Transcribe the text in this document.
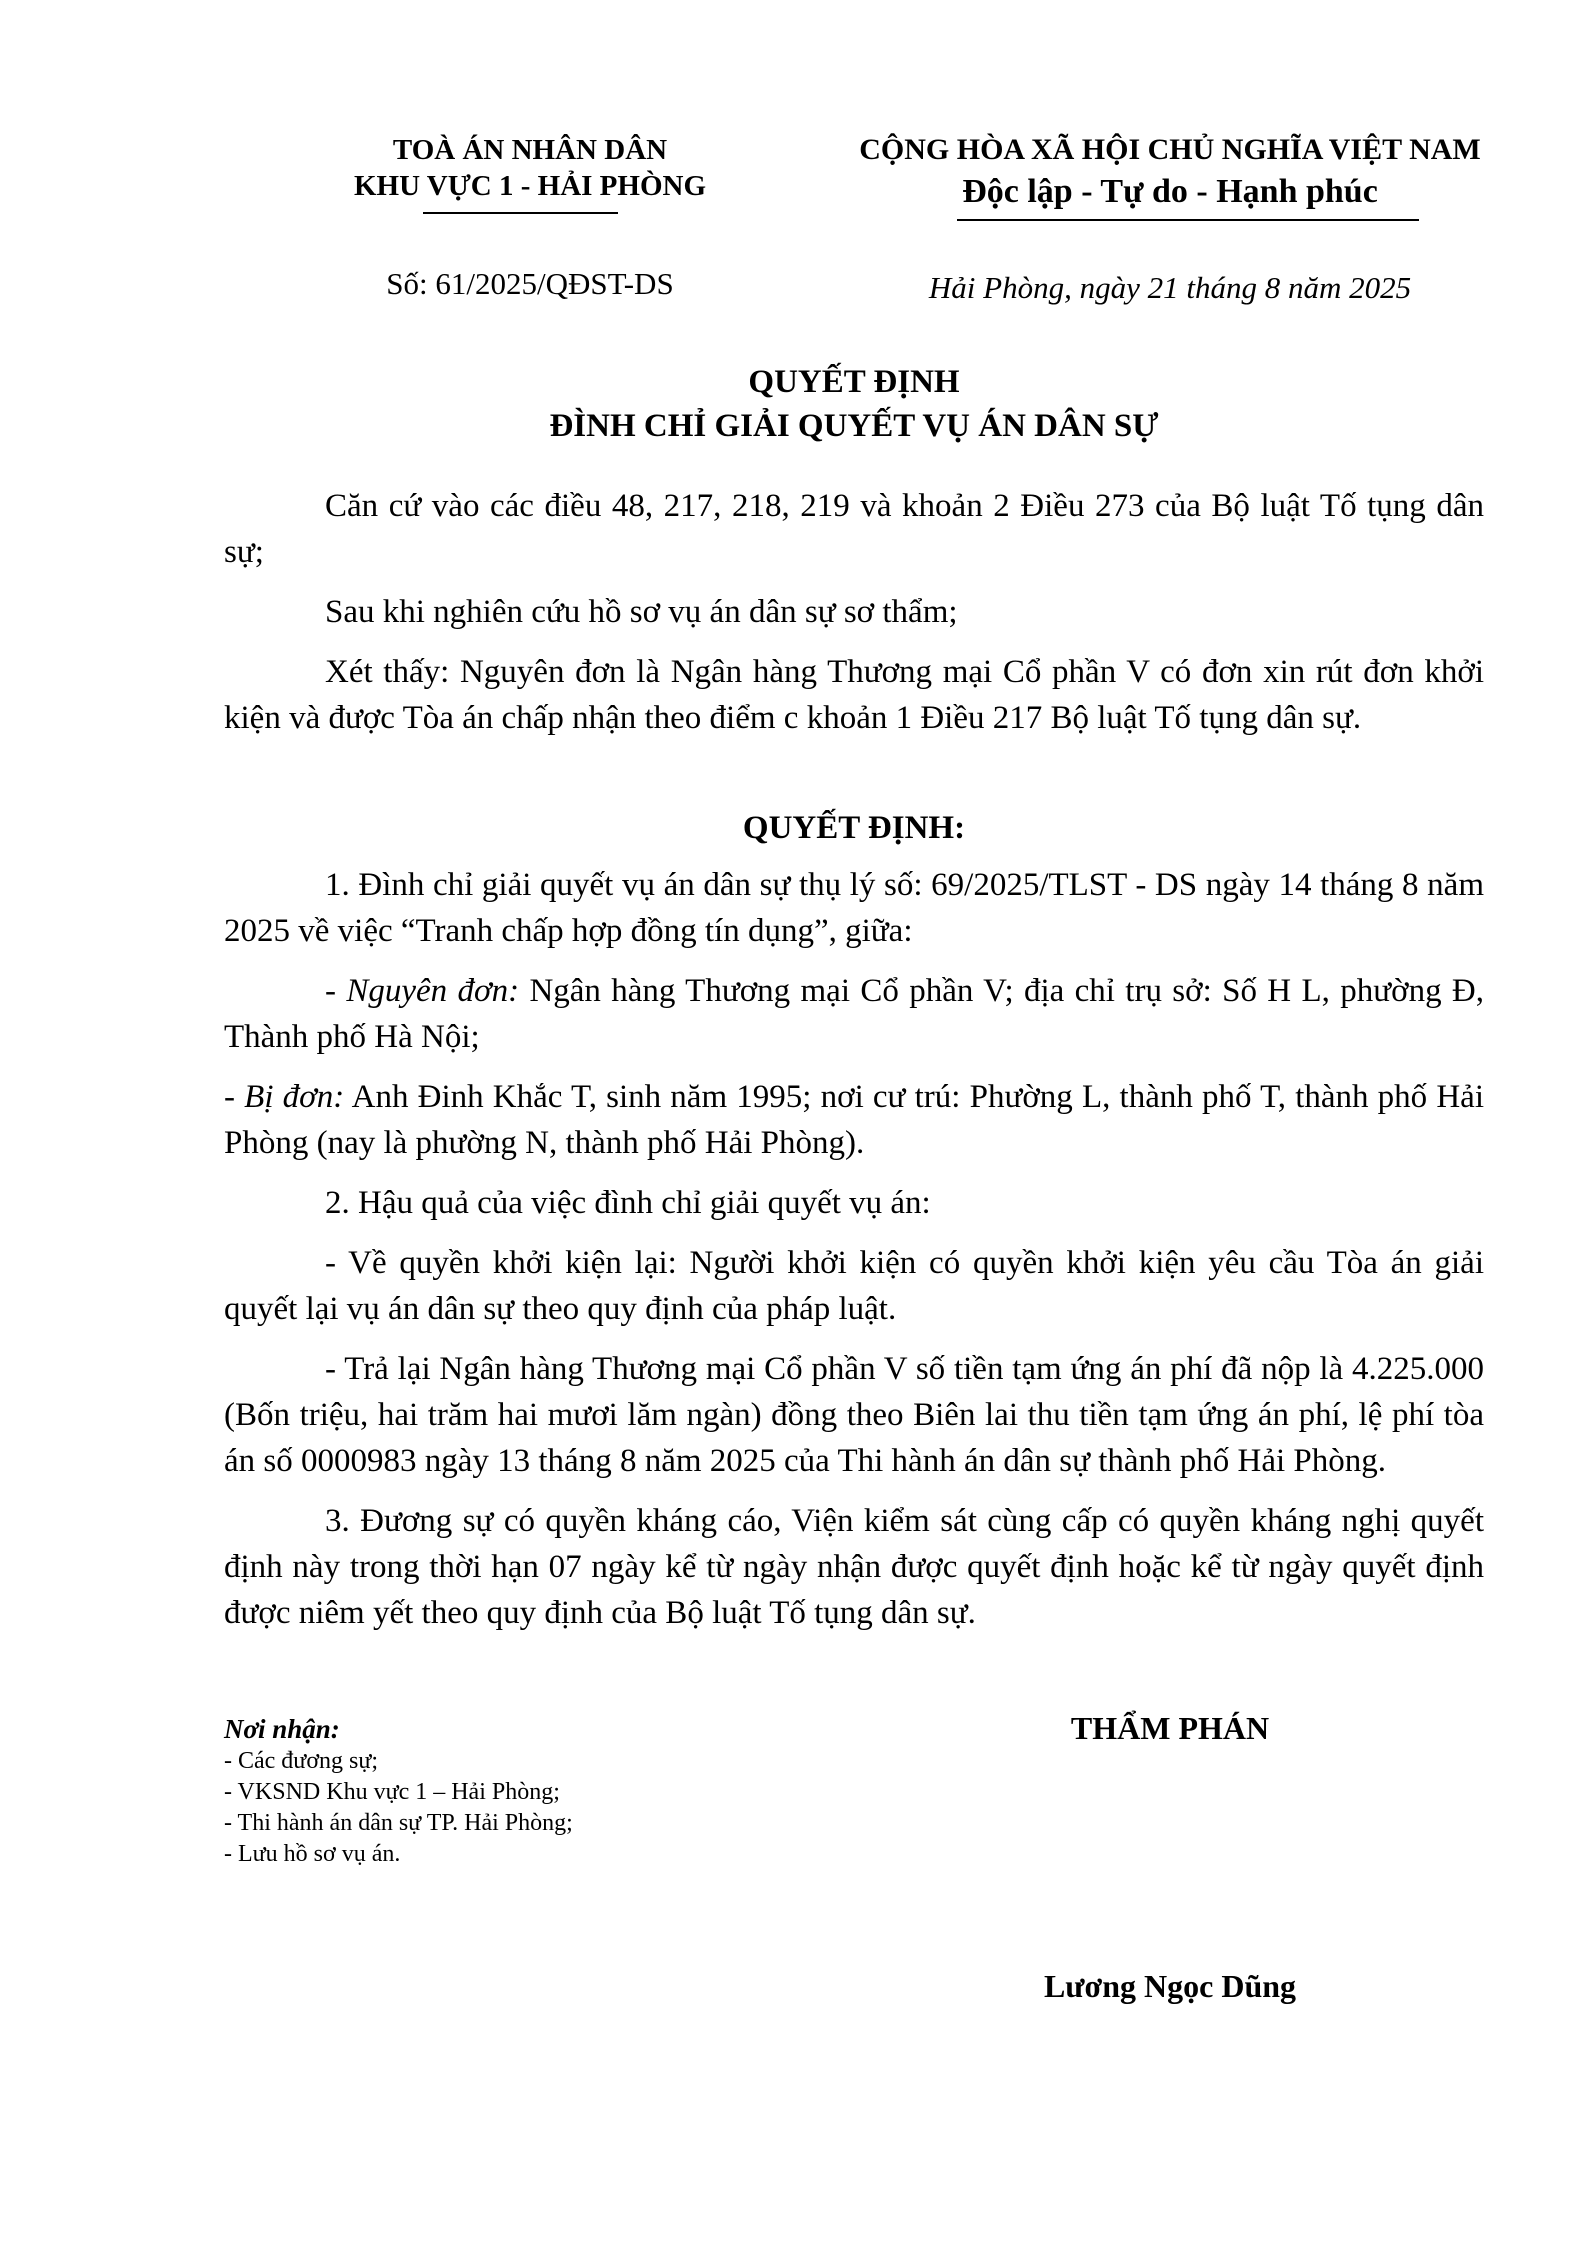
TOÀ ÁN NHÂN DÂN
KHU VỰC 1 - HẢI PHÒNG
CỘNG HÒA XÃ HỘI CHỦ NGHĨA VIỆT NAM
Độc lập - Tự do - Hạnh phúc
Số: 61/2025/QĐST-DS	Hải Phòng, ngày 21 tháng 8 năm 2025
QUYẾT ĐỊNH
ĐÌNH CHỈ GIẢI QUYẾT VỤ ÁN DÂN SỰ

Căn cứ vào các điều 48, 217, 218, 219 và khoản 2 Điều 273 của Bộ luật Tố tụng dân sự;

Sau khi nghiên cứu hồ sơ vụ án dân sự sơ thẩm;

Xét thấy: Nguyên đơn là Ngân hàng Thương mại Cổ phần V có đơn xin rút đơn khởi kiện và được Tòa án chấp nhận theo điểm c khoản 1 Điều 217 Bộ luật Tố tụng dân sự.

QUYẾT ĐỊNH:

1. Đình chỉ giải quyết vụ án dân sự thụ lý số: 69/2025/TLST - DS ngày 14 tháng 8 năm 2025 về việc “Tranh chấp hợp đồng tín dụng”, giữa:

- Nguyên đơn: Ngân hàng Thương mại Cổ phần V; địa chỉ trụ sở: Số H L, phường Đ, Thành phố Hà Nội;

- Bị đơn: Anh Đinh Khắc T, sinh năm 1995; nơi cư trú: Phường L, thành phố T, thành phố Hải Phòng (nay là phường N, thành phố Hải Phòng).

2. Hậu quả của việc đình chỉ giải quyết vụ án:

- Về quyền khởi kiện lại: Người khởi kiện có quyền khởi kiện yêu cầu Tòa án giải quyết lại vụ án dân sự theo quy định của pháp luật.

- Trả lại Ngân hàng Thương mại Cổ phần V số tiền tạm ứng án phí đã nộp là 4.225.000 (Bốn triệu, hai trăm hai mươi lăm ngàn) đồng theo Biên lai thu tiền tạm ứng án phí, lệ phí tòa án số 0000983 ngày 13 tháng 8 năm 2025 của Thi hành án dân sự thành phố Hải Phòng.

3. Đương sự có quyền kháng cáo, Viện kiểm sát cùng cấp có quyền kháng nghị quyết định này trong thời hạn 07 ngày kể từ ngày nhận được quyết định hoặc kể từ ngày quyết định được niêm yết theo quy định của Bộ luật Tố tụng dân sự.

Nơi nhận:
- Các đương sự;
- VKSND Khu vực 1 – Hải Phòng;
- Thi hành án dân sự TP. Hải Phòng;
- Lưu hồ sơ vụ án.
THẨM PHÁN
Lương Ngọc Dũng
